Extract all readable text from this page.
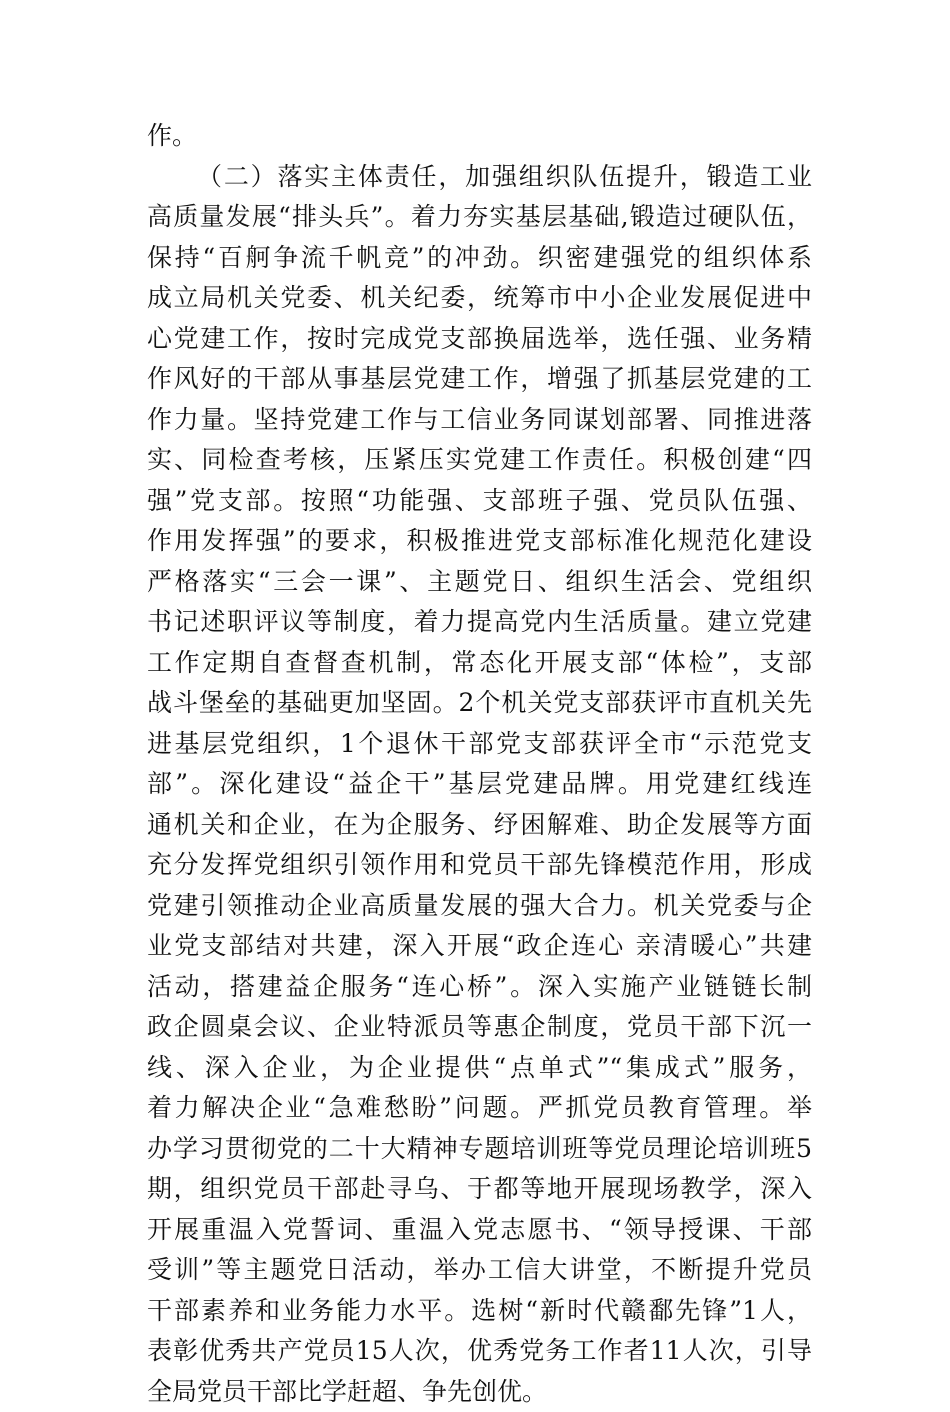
作。
（二）落实主体责任，加强组织队伍提升，锻造工业
高质量发展“排头兵”。着力夯实基层基础,锻造过硬队伍，
保持“百舸争流千帆竞”的冲劲。织密建强党的组织体系
成立局机关党委、机关纪委，统筹市中小企业发展促进中
心党建工作，按时完成党支部换届选举，选任强、业务精
作风好的干部从事基层党建工作，增强了抓基层党建的工
作力量。坚持党建工作与工信业务同谋划部署、同推进落
实、同检查考核，压紧压实党建工作责任。积极创建“四
强”党支部。按照“功能强、支部班子强、党员队伍强、
作用发挥强”的要求，积极推进党支部标准化规范化建设
严格落实“三会一课”、主题党日、组织生活会、党组织
书记述职评议等制度，着力提高党内生活质量。建立党建
工作定期自查督查机制，常态化开展支部“体检”，支部
战斗堡垒的基础更加坚固。2个机关党支部获评市直机关先
进基层党组织，1个退休干部党支部获评全市“示范党支
部”。深化建设“益企干”基层党建品牌。用党建红线连
通机关和企业，在为企服务、纾困解难、助企发展等方面
充分发挥党组织引领作用和党员干部先锋模范作用，形成
党建引领推动企业高质量发展的强大合力。机关党委与企
业党支部结对共建，深入开展“政企连心 亲清暖心”共建
活动，搭建益企服务“连心桥”。深入实施产业链链长制
政企圆桌会议、企业特派员等惠企制度，党员干部下沉一
线、深入企业，为企业提供“点单式”“集成式”服务，
着力解决企业“急难愁盼”问题。严抓党员教育管理。举
办学习贯彻党的二十大精神专题培训班等党员理论培训班5
期，组织党员干部赴寻乌、于都等地开展现场教学，深入
开展重温入党誓词、重温入党志愿书、“领导授课、干部
受训”等主题党日活动，举办工信大讲堂，不断提升党员
干部素养和业务能力水平。选树“新时代赣鄱先锋”1人，
表彰优秀共产党员15人次，优秀党务工作者11人次，引导
全局党员干部比学赶超、争先创优。
